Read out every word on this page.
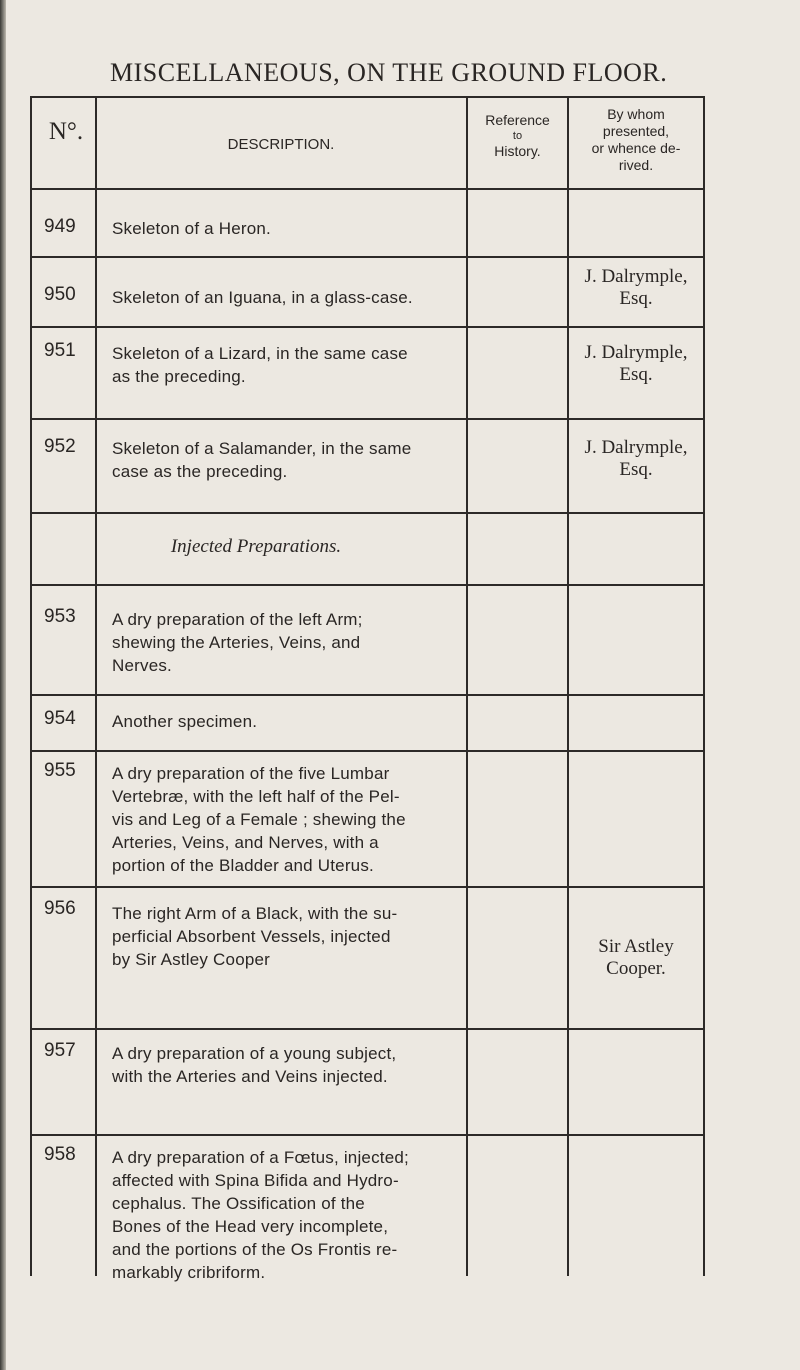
MISCELLANEOUS, ON THE GROUND FLOOR.
N°.	DESCRIPTION.
Reference
to
History.
By whom
presented,
or whence de-
rived.
949 Skeleton of a Heron.
950 Skeleton of an Iguana, in a glass-case.
J. Dalrymple,
Esq.
951 Skeleton of a Lizard, in the same case
as the preceding.
J. Dalrymple,
Esq.
952 Skeleton of a Salamander, in the same
case as the preceding.
J. Dalrymple,
Esq.
Injected Preparations.
953 A dry preparation of the left Arm;
shewing the Arteries, Veins, and
Nerves.
954 Another specimen.
955 A dry preparation of the five Lumbar
Vertebræ, with the left half of the Pel-
vis and Leg of a Female ; shewing the
Arteries, Veins, and Nerves, with a
portion of the Bladder and Uterus.
956 The right Arm of a Black, with the su-
perficial Absorbent Vessels, injected
by Sir Astley Cooper
Sir Astley
Cooper.
957 A dry preparation of a young subject,
with the Arteries and Veins injected.
958 A dry preparation of a Fœtus, injected;
affected with Spina Bifida and Hydro-
cephalus. The Ossification of the
Bones of the Head very incomplete,
and the portions of the Os Frontis re-
markably cribriform.
